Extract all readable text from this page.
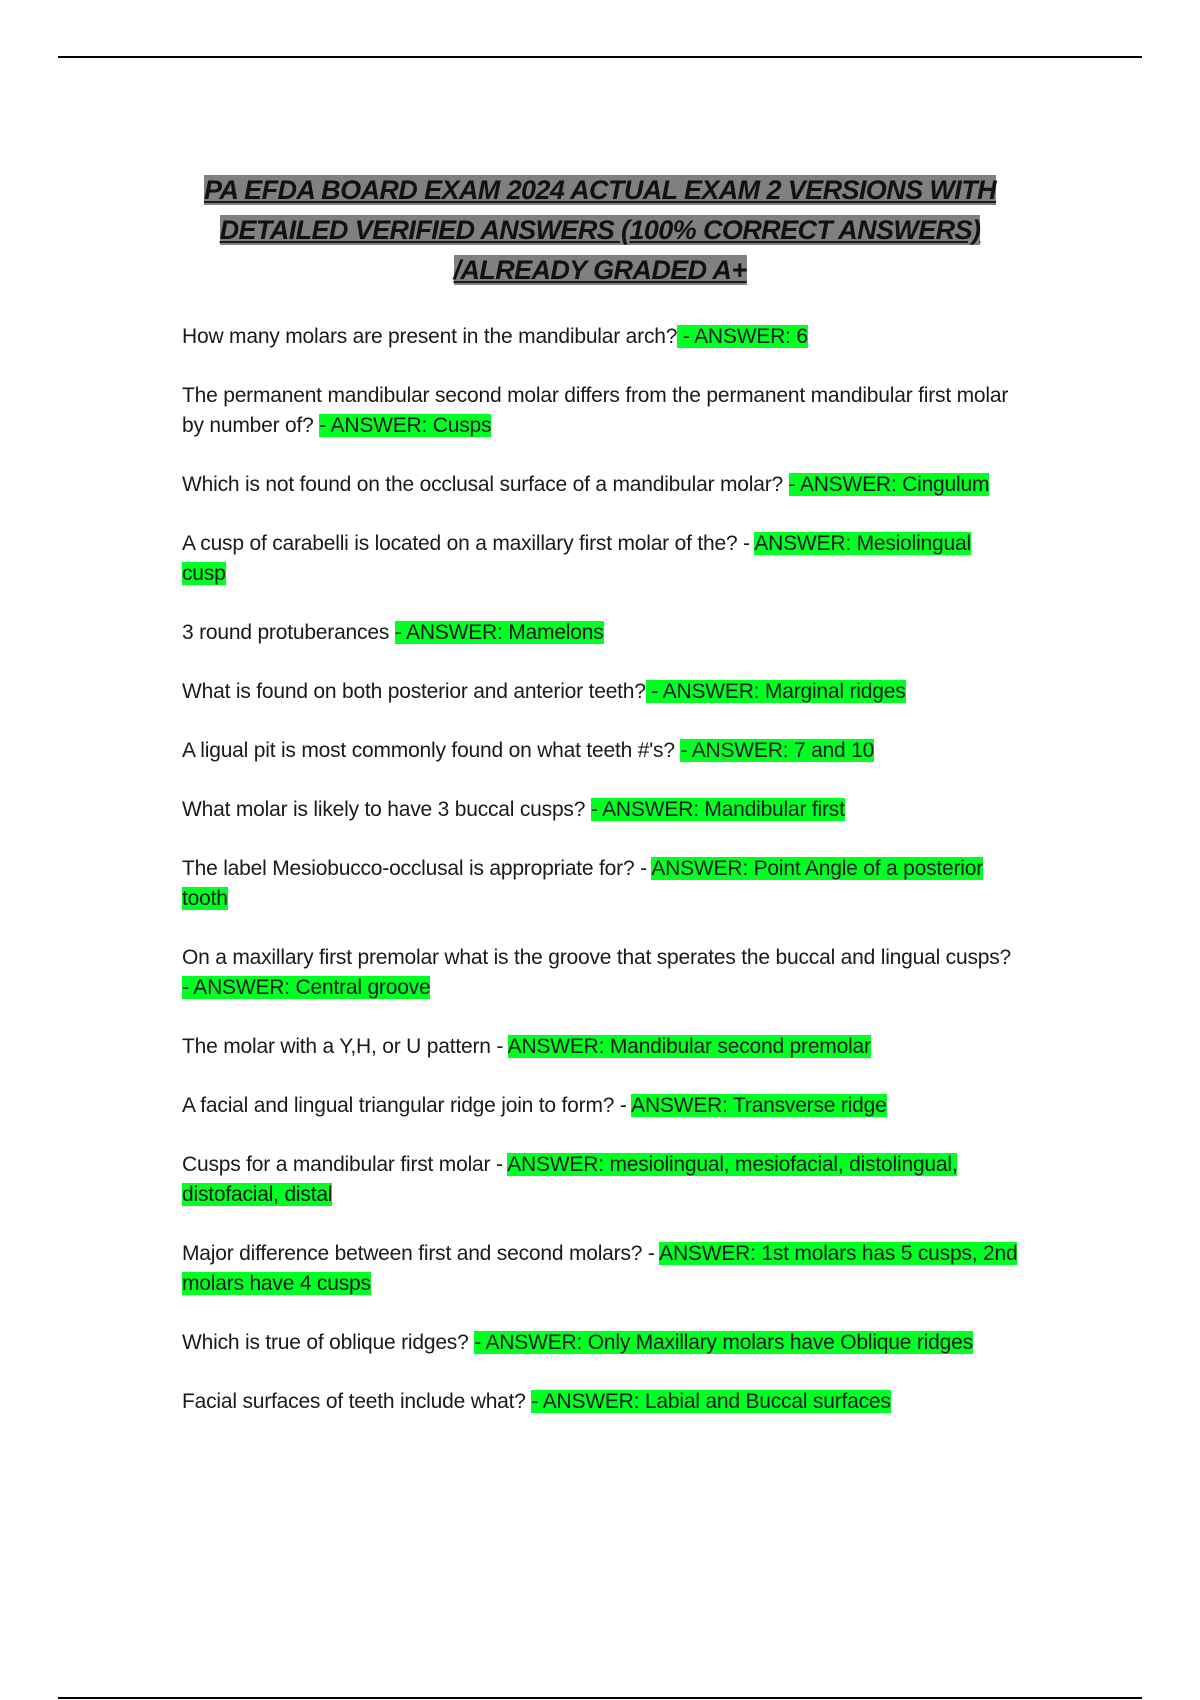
PA EFDA BOARD EXAM 2024 ACTUAL EXAM 2 VERSIONS WITH DETAILED VERIFIED ANSWERS (100% CORRECT ANSWERS) /ALREADY GRADED A+
How many molars are present in the mandibular arch? - ANSWER: 6
The permanent mandibular second molar differs from the permanent mandibular first molar by number of? - ANSWER: Cusps
Which is not found on the occlusal surface of a mandibular molar? - ANSWER: Cingulum
A cusp of carabelli is located on a maxillary first molar of the? - ANSWER: Mesiolingual cusp
3 round protuberances - ANSWER: Mamelons
What is found on both posterior and anterior teeth? - ANSWER: Marginal ridges
A ligual pit is most commonly found on what teeth #'s? - ANSWER: 7 and 10
What molar is likely to have 3 buccal cusps? - ANSWER: Mandibular first
The label Mesiobucco-occlusal is appropriate for? - ANSWER: Point Angle of a posterior tooth
On a maxillary first premolar what is the groove that sperates the buccal and lingual cusps? - ANSWER: Central groove
The molar with a Y,H, or U pattern - ANSWER: Mandibular second premolar
A facial and lingual triangular ridge join to form? - ANSWER: Transverse ridge
Cusps for a mandibular first molar - ANSWER: mesiolingual, mesiofacial, distolingual, distofacial, distal
Major difference between first and second molars? - ANSWER: 1st molars has 5 cusps, 2nd molars have 4 cusps
Which is true of oblique ridges? - ANSWER: Only Maxillary molars have Oblique ridges
Facial surfaces of teeth include what? - ANSWER: Labial and Buccal surfaces
